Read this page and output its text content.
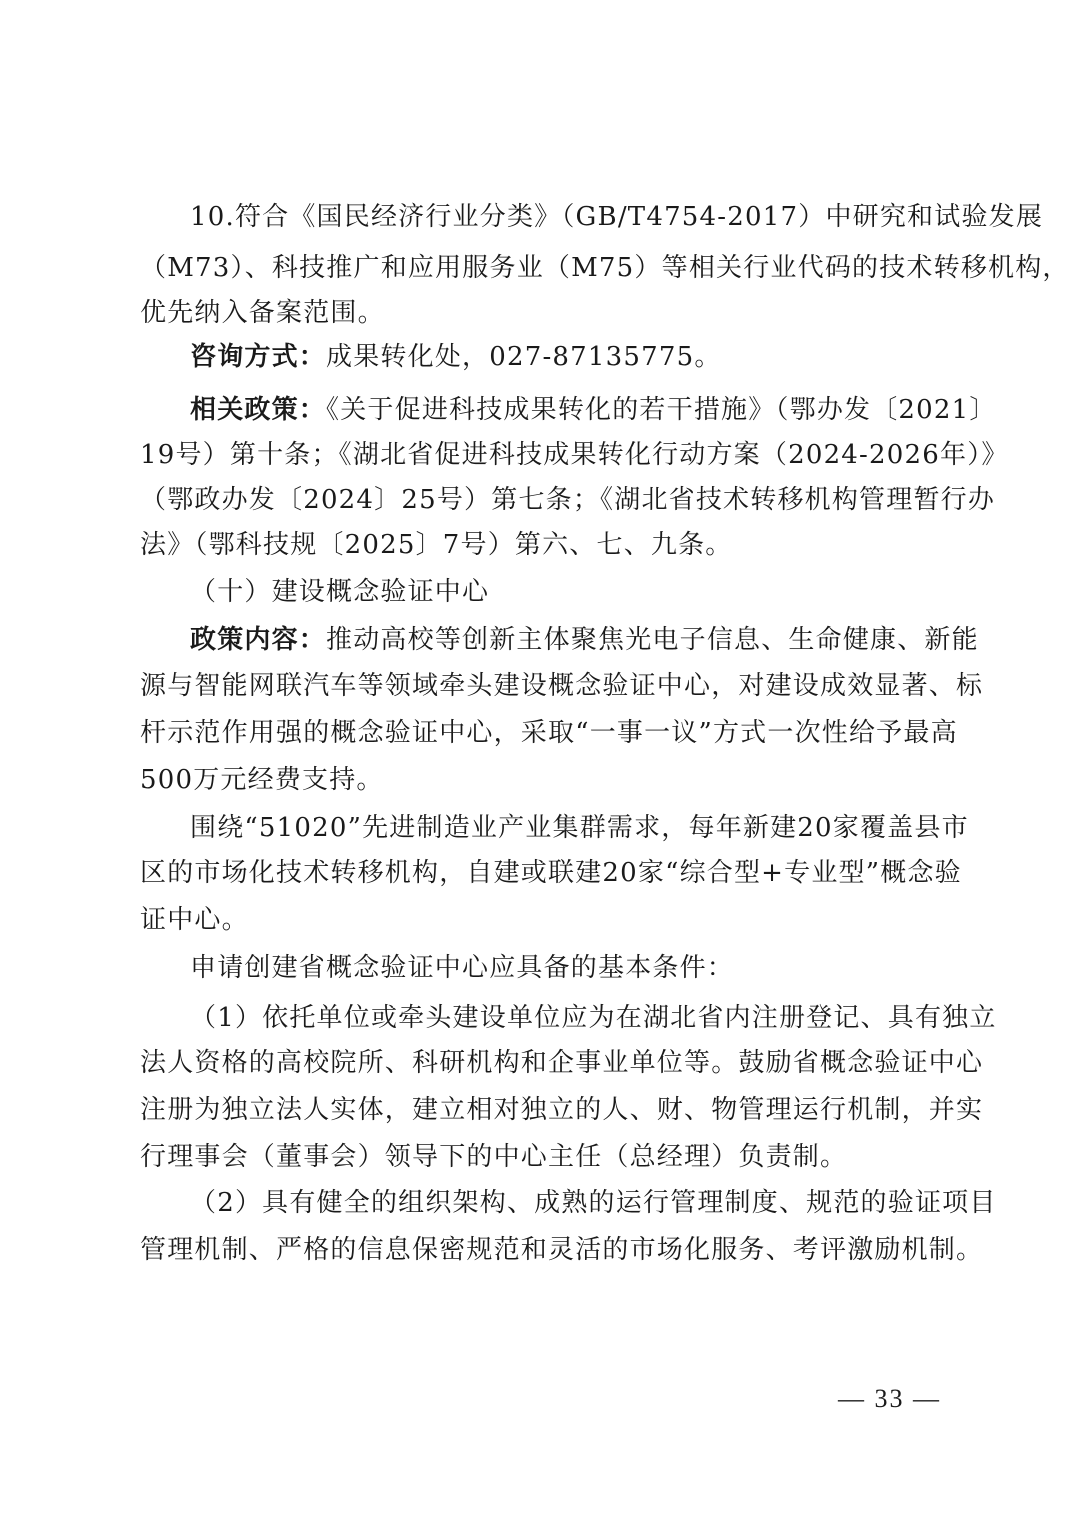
10.符合《国民经济行业分类》（GB/T4754-2017）中研究和试验发展
（M73）、科技推广和应用服务业（M75）等相关行业代码的技术转移机构，
优先纳入备案范围。
咨询方式：成果转化处，027-87135775。
相关政策：《关于促进科技成果转化的若干措施》（鄂办发〔2021〕
19号）第十条；《湖北省促进科技成果转化行动方案（2024-2026年）》
（鄂政办发〔2024〕25号）第七条；《湖北省技术转移机构管理暂行办
法》（鄂科技规〔2025〕7号）第六、七、九条。
（十）建设概念验证中心
政策内容：推动高校等创新主体聚焦光电子信息、生命健康、新能
源与智能网联汽车等领域牵头建设概念验证中心，对建设成效显著、标
杆示范作用强的概念验证中心，采取“一事一议”方式一次性给予最高
500万元经费支持。
围绕“51020”先进制造业产业集群需求，每年新建20家覆盖县市
区的市场化技术转移机构，自建或联建20家“综合型+专业型”概念验
证中心。
申请创建省概念验证中心应具备的基本条件：
（1）依托单位或牵头建设单位应为在湖北省内注册登记、具有独立
法人资格的高校院所、科研机构和企事业单位等。鼓励省概念验证中心
注册为独立法人实体，建立相对独立的人、财、物管理运行机制，并实
行理事会（董事会）领导下的中心主任（总经理）负责制。
（2）具有健全的组织架构、成熟的运行管理制度、规范的验证项目
管理机制、严格的信息保密规范和灵活的市场化服务、考评激励机制。
— 33 —
